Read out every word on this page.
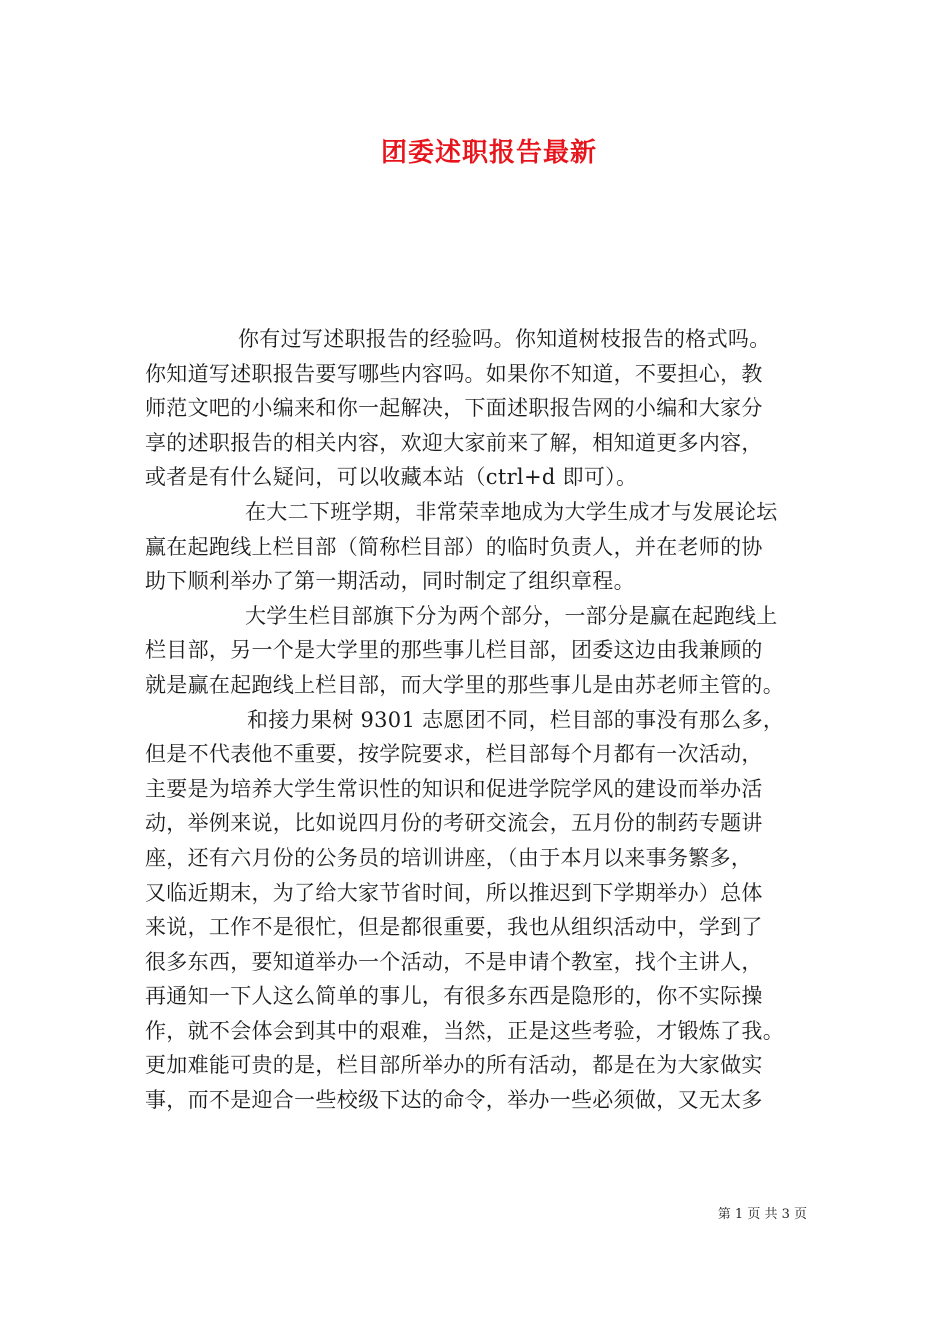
团委述职报告最新
你有过写述职报告的经验吗。你知道树枝报告的格式吗。
你知道写述职报告要写哪些内容吗。如果你不知道，不要担心，教
师范文吧的小编来和你一起解决，下面述职报告网的小编和大家分
享的述职报告的相关内容，欢迎大家前来了解，相知道更多内容，
或者是有什么疑问，可以收藏本站（ctrl+d 即可）。
在大二下班学期，非常荣幸地成为大学生成才与发展论坛
赢在起跑线上栏目部（简称栏目部）的临时负责人，并在老师的协
助下顺利举办了第一期活动，同时制定了组织章程。
大学生栏目部旗下分为两个部分，一部分是赢在起跑线上
栏目部，另一个是大学里的那些事儿栏目部，团委这边由我兼顾的
就是赢在起跑线上栏目部，而大学里的那些事儿是由苏老师主管的。
和接力果树 9301 志愿团不同，栏目部的事没有那么多，
但是不代表他不重要，按学院要求，栏目部每个月都有一次活动，
主要是为培养大学生常识性的知识和促进学院学风的建设而举办活
动，举例来说，比如说四月份的考研交流会，五月份的制药专题讲
座，还有六月份的公务员的培训讲座，（由于本月以来事务繁多，
又临近期末，为了给大家节省时间，所以推迟到下学期举办）总体
来说，工作不是很忙，但是都很重要，我也从组织活动中，学到了
很多东西，要知道举办一个活动，不是申请个教室，找个主讲人，
再通知一下人这么简单的事儿，有很多东西是隐形的，你不实际操
作，就不会体会到其中的艰难，当然，正是这些考验，才锻炼了我。
更加难能可贵的是，栏目部所举办的所有活动，都是在为大家做实
事，而不是迎合一些校级下达的命令，举办一些必须做，又无太多
第 1 页 共 3 页
